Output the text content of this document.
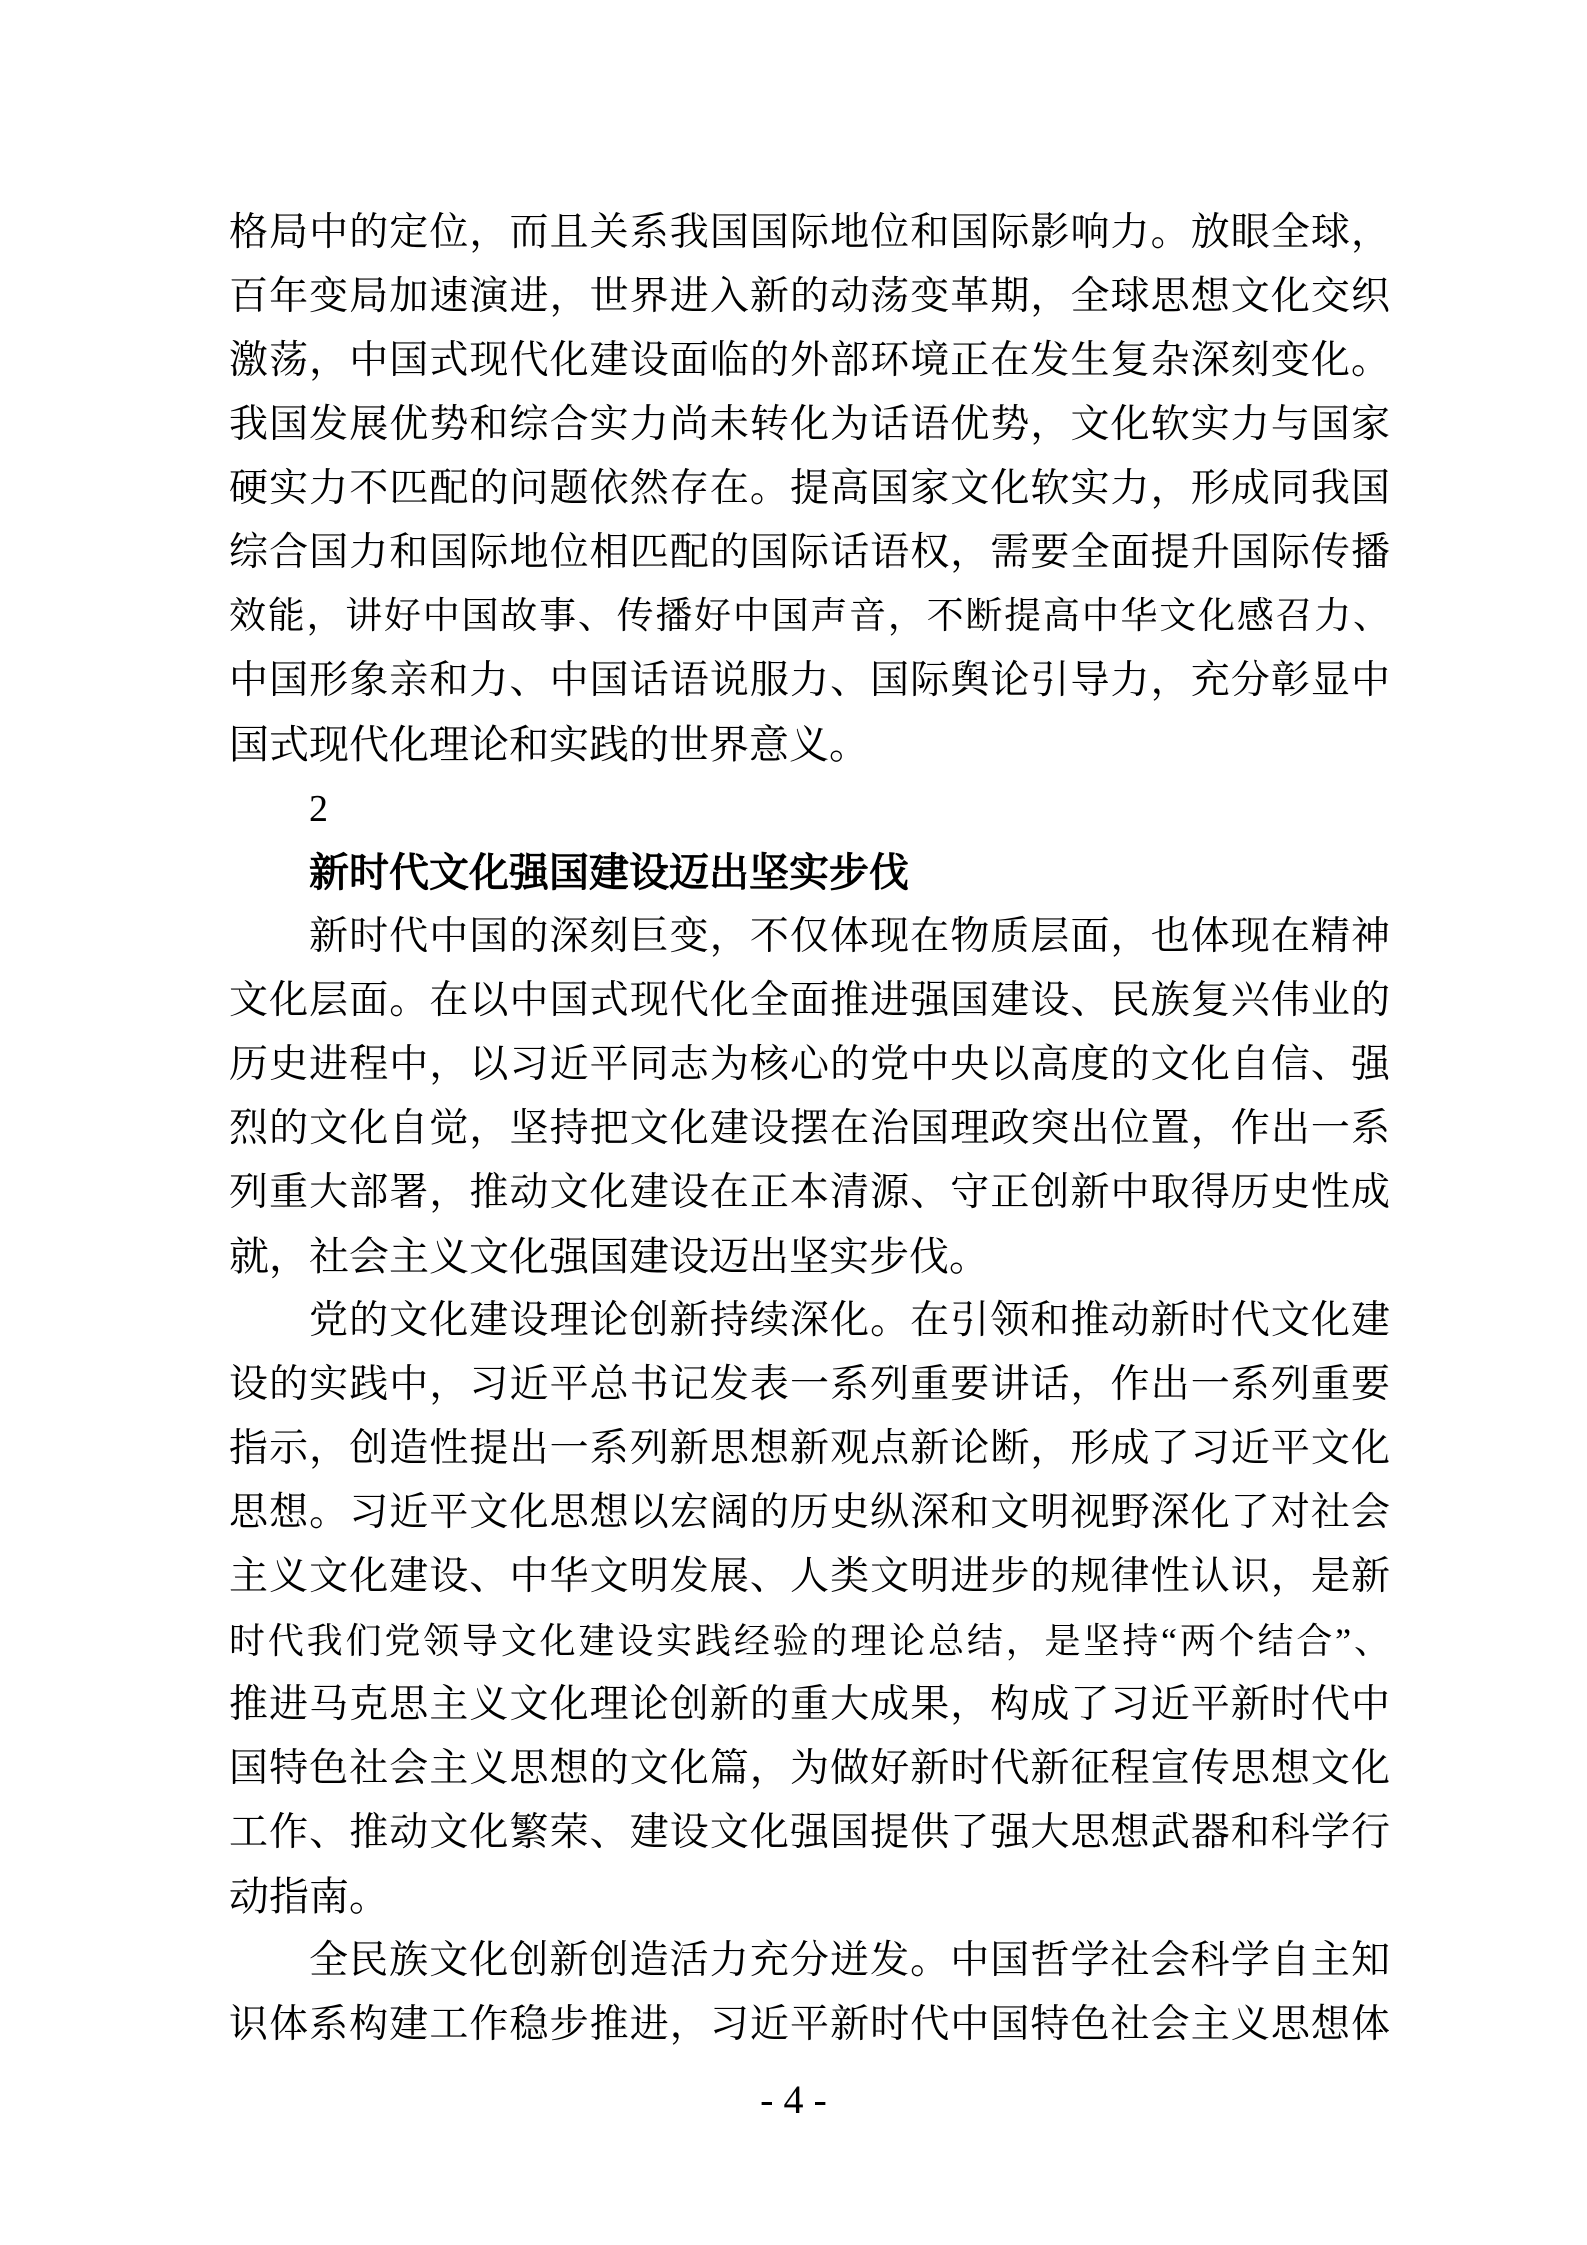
格局中的定位，而且关系我国国际地位和国际影响力。放眼全球，
百年变局加速演进，世界进入新的动荡变革期，全球思想文化交织
激荡，中国式现代化建设面临的外部环境正在发生复杂深刻变化。
我国发展优势和综合实力尚未转化为话语优势，文化软实力与国家
硬实力不匹配的问题依然存在。提高国家文化软实力，形成同我国
综合国力和国际地位相匹配的国际话语权，需要全面提升国际传播
效能，讲好中国故事、传播好中国声音，不断提高中华文化感召力、
中国形象亲和力、中国话语说服力、国际舆论引导力，充分彰显中
国式现代化理论和实践的世界意义。
2
新时代文化强国建设迈出坚实步伐
新时代中国的深刻巨变，不仅体现在物质层面，也体现在精神
文化层面。在以中国式现代化全面推进强国建设、民族复兴伟业的
历史进程中，以习近平同志为核心的党中央以高度的文化自信、强
烈的文化自觉，坚持把文化建设摆在治国理政突出位置，作出一系
列重大部署，推动文化建设在正本清源、守正创新中取得历史性成
就，社会主义文化强国建设迈出坚实步伐。
党的文化建设理论创新持续深化。在引领和推动新时代文化建
设的实践中，习近平总书记发表一系列重要讲话，作出一系列重要
指示，创造性提出一系列新思想新观点新论断，形成了习近平文化
思想。习近平文化思想以宏阔的历史纵深和文明视野深化了对社会
主义文化建设、中华文明发展、人类文明进步的规律性认识，是新
时代我们党领导文化建设实践经验的理论总结，是坚持“两个结合”、
推进马克思主义文化理论创新的重大成果，构成了习近平新时代中
国特色社会主义思想的文化篇，为做好新时代新征程宣传思想文化
工作、推动文化繁荣、建设文化强国提供了强大思想武器和科学行
动指南。
全民族文化创新创造活力充分迸发。中国哲学社会科学自主知
识体系构建工作稳步推进，习近平新时代中国特色社会主义思想体
- 4 -
